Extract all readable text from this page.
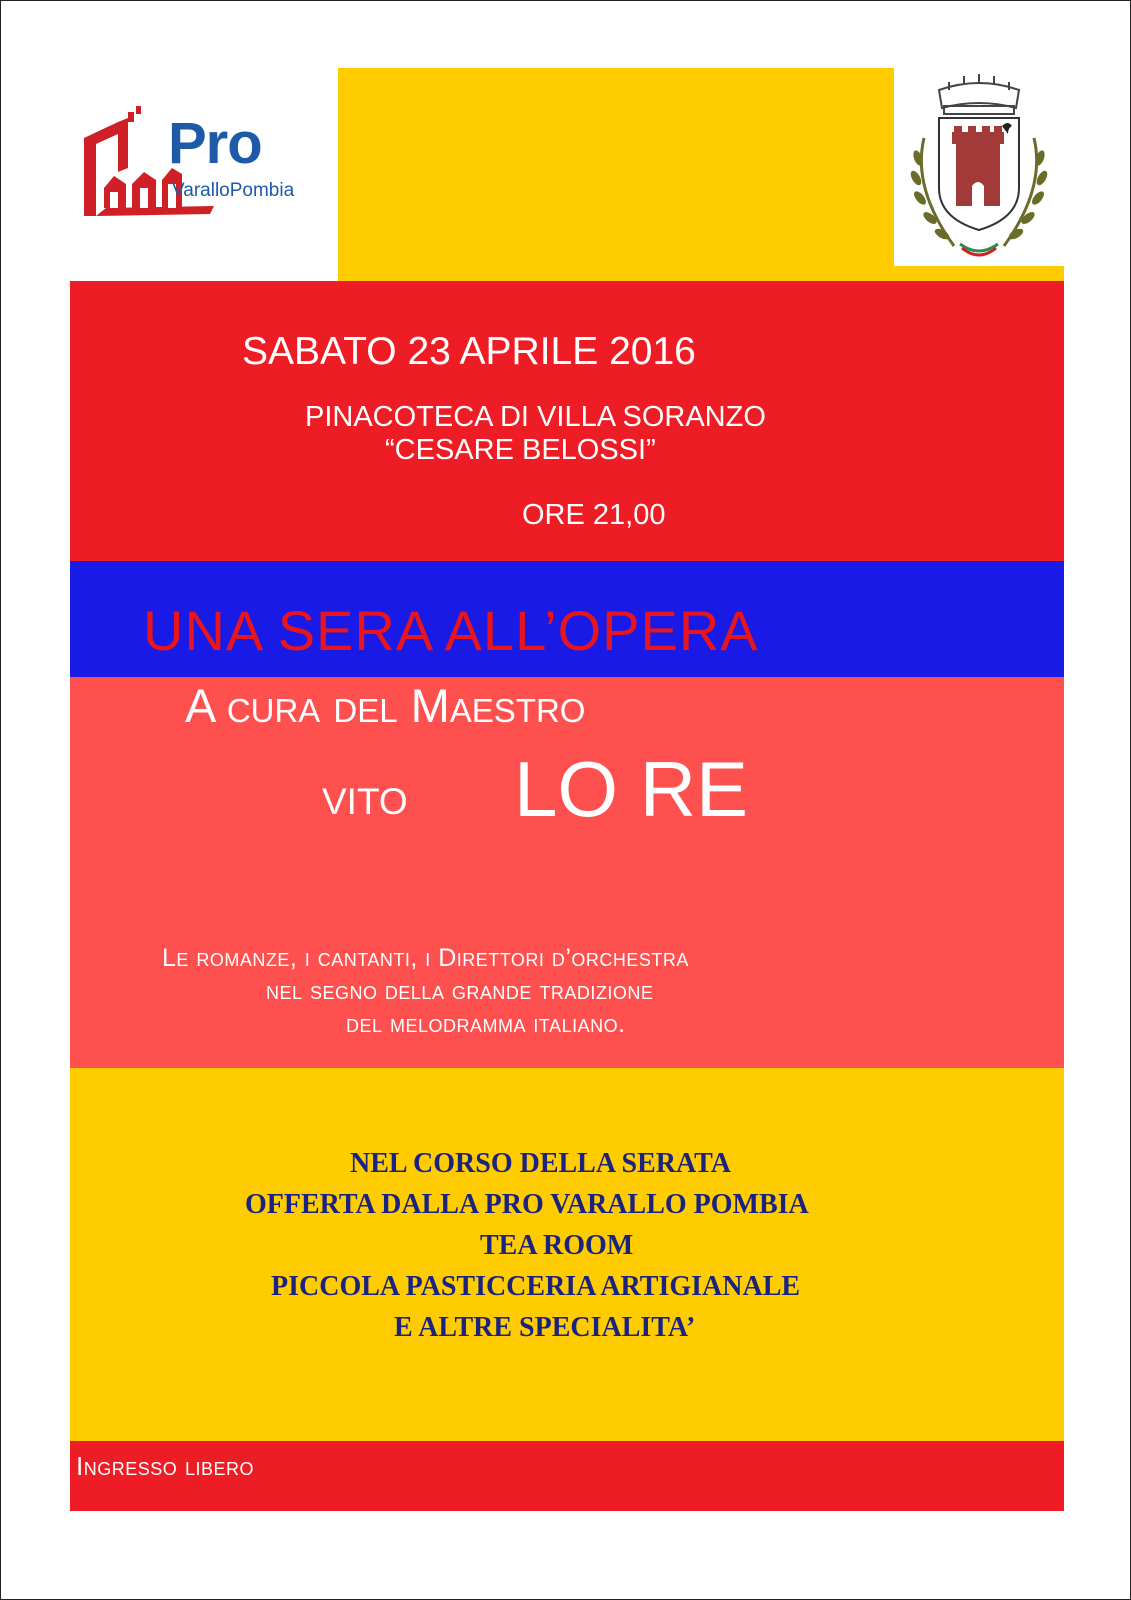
Pro
VaralloPombia
SABATO 23 APRILE 2016
PINACOTECA DI VILLA SORANZO
“CESARE BELOSSI”
ORE 21,00
UNA SERA ALL’OPERA
A cura del Maestro
vito LO RE
Le romanze, i cantanti, i Direttori d’orchestra
nel segno della grande tradizione
del melodramma italiano.
NEL CORSO DELLA SERATA
OFFERTA DALLA PRO VARALLO POMBIA
TEA ROOM
PICCOLA PASTICCERIA ARTIGIANALE
E ALTRE SPECIALITA’
Ingresso libero
